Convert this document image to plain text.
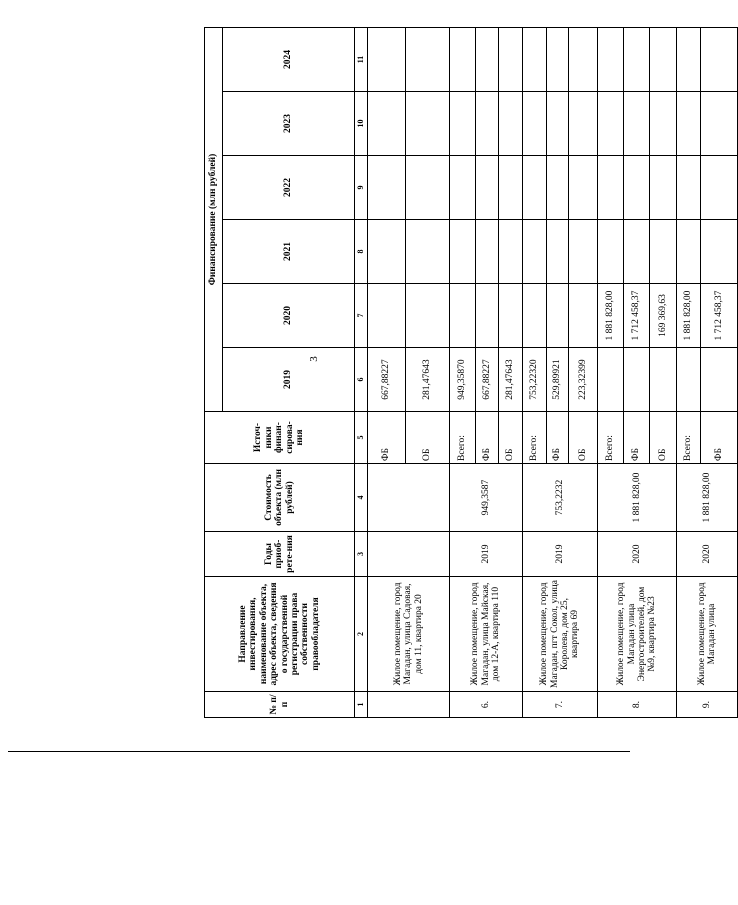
3
№ п/п	Направление инвестирования, наименование объекта, адрес объекта, сведения о государственной регистрации права собственности правообладателя	Годы приоб-рете-ния	Стоимость объекта (млн рублей)	Источ-ники финан-сирова-ния	Финансирование (млн рублей)					
					2019	2020	2021	2022	2023	2024
1	2	3	4	5	6	7	8	9	10	11
	Жилое помещение, город Магадан, улица Садовая, дом 11, квартира 20			ФБ	667,88227					
				ОБ	281,47643					
6.	Жилое помещение, город Магадан, улица Майская, дом 12-А, квартира 110	2019	949,3587	Всего:	949,35870					
				ФБ	667,88227					
				ОБ	281,47643					
7.	Жилое помещение, город Магадан, пгт Сокол, улица Королева, дом 25, квартира 69	2019	753,2232	Всего:	753,22320					
				ФБ	529,89921					
				ОБ	223,32399					
8.	Жилое помещение, город Магадан улица Энергостроителей, дом №9, квартира №23	2020	1 881 828,00	Всего:		1 881 828,00				
				ФБ		1 712 458,37				
				ОБ		169 369,63				
9.	Жилое помещение, город Магадан улица	2020	1 881 828,00	Всего:		1 881 828,00				
				ФБ		1 712 458,37				
